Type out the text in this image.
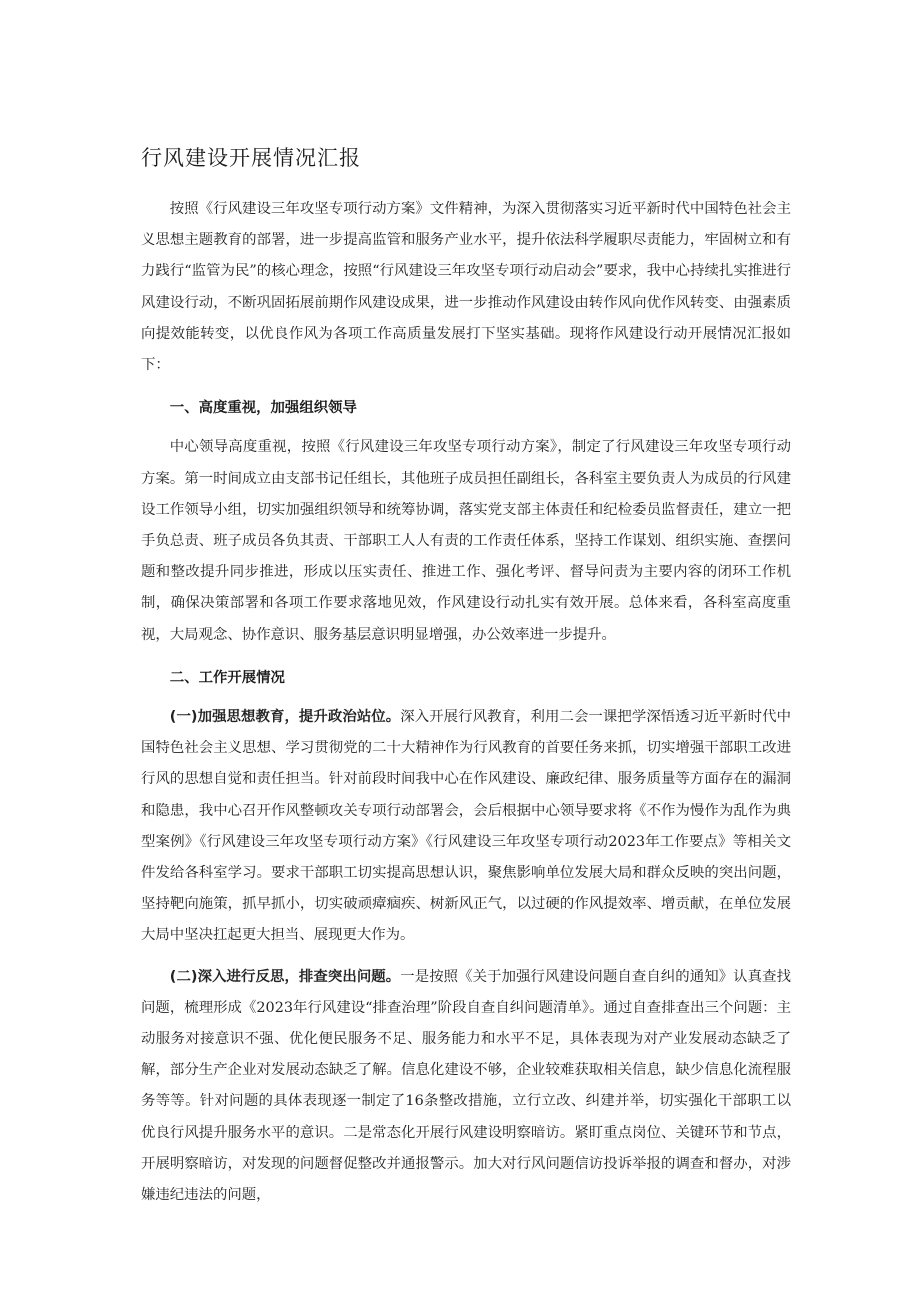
行风建设开展情况汇报

按照《行风建设三年攻坚专项行动方案》文件精神，为深入贯彻落实习近平新时代中国特色社会主义思想主题教育的部署，进一步提高监管和服务产业水平，提升依法科学履职尽责能力，牢固树立和有力践行“监管为民”的核心理念，按照“行风建设三年攻坚专项行动启动会”要求，我中心持续扎实推进行风建设行动，不断巩固拓展前期作风建设成果，进一步推动作风建设由转作风向优作风转变、由强素质向提效能转变，以优良作风为各项工作高质量发展打下坚实基础。现将作风建设行动开展情况汇报如下：

一、高度重视，加强组织领导

中心领导高度重视，按照《行风建设三年攻坚专项行动方案》，制定了行风建设三年攻坚专项行动方案。第一时间成立由支部书记任组长，其他班子成员担任副组长，各科室主要负责人为成员的行风建设工作领导小组，切实加强组织领导和统筹协调，落实党支部主体责任和纪检委员监督责任，建立一把手负总责、班子成员各负其责、干部职工人人有责的工作责任体系，坚持工作谋划、组织实施、查摆问题和整改提升同步推进，形成以压实责任、推进工作、强化考评、督导问责为主要内容的闭环工作机制，确保决策部署和各项工作要求落地见效，作风建设行动扎实有效开展。总体来看，各科室高度重视，大局观念、协作意识、服务基层意识明显增强，办公效率进一步提升。

二、工作开展情况

(一)加强思想教育，提升政治站位。深入开展行风教育，利用二会一课把学深悟透习近平新时代中国特色社会主义思想、学习贯彻党的二十大精神作为行风教育的首要任务来抓，切实增强干部职工改进行风的思想自觉和责任担当。针对前段时间我中心在作风建设、廉政纪律、服务质量等方面存在的漏洞和隐患，我中心召开作风整顿攻关专项行动部署会，会后根据中心领导要求将《不作为慢作为乱作为典型案例》《行风建设三年攻坚专项行动方案》《行风建设三年攻坚专项行动2023年工作要点》等相关文件发给各科室学习。要求干部职工切实提高思想认识，聚焦影响单位发展大局和群众反映的突出问题，坚持靶向施策，抓早抓小，切实破顽瘴痼疾、树新风正气，以过硬的作风提效率、增贡献，在单位发展大局中坚决扛起更大担当、展现更大作为。

(二)深入进行反思，排查突出问题。一是按照《关于加强行风建设问题自查自纠的通知》认真查找问题，梳理形成《2023年行风建设“排查治理”阶段自查自纠问题清单》。通过自查排查出三个问题：主动服务对接意识不强、优化便民服务不足、服务能力和水平不足，具体表现为对产业发展动态缺乏了解，部分生产企业对发展动态缺乏了解。信息化建设不够，企业较难获取相关信息，缺少信息化流程服务等等。针对问题的具体表现逐一制定了16条整改措施，立行立改、纠建并举，切实强化干部职工以优良行风提升服务水平的意识。二是常态化开展行风建设明察暗访。紧盯重点岗位、关键环节和节点，开展明察暗访，对发现的问题督促整改并通报警示。加大对行风问题信访投诉举报的调查和督办，对涉嫌违纪违法的问题，
